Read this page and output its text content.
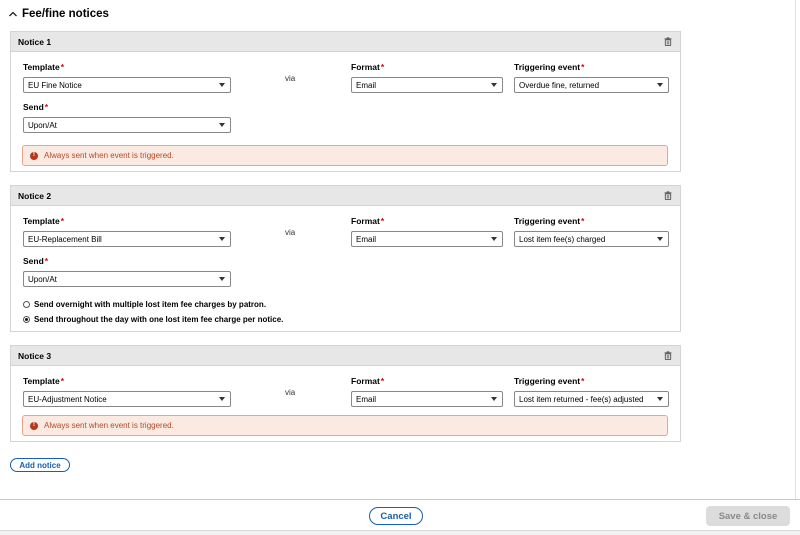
Fee/fine notices
Notice 1
Template*
EU Fine Notice
via
Format*
Email
Triggering event*
Overdue fine, returned
Send*
Upon/At
!	Always sent when event is triggered.
Notice 2
Template*
EU-Replacement Bill
via
Format*
Email
Triggering event*
Lost item fee(s) charged
Send*
Upon/At
Send overnight with multiple lost item fee charges by patron.
Send throughout the day with one lost item fee charge per notice.
Notice 3
Template*
EU-Adjustment Notice
via
Format*
Email
Triggering event*
Lost item returned - fee(s) adjusted
!	Always sent when event is triggered.
Add notice
Cancel	Save & close
